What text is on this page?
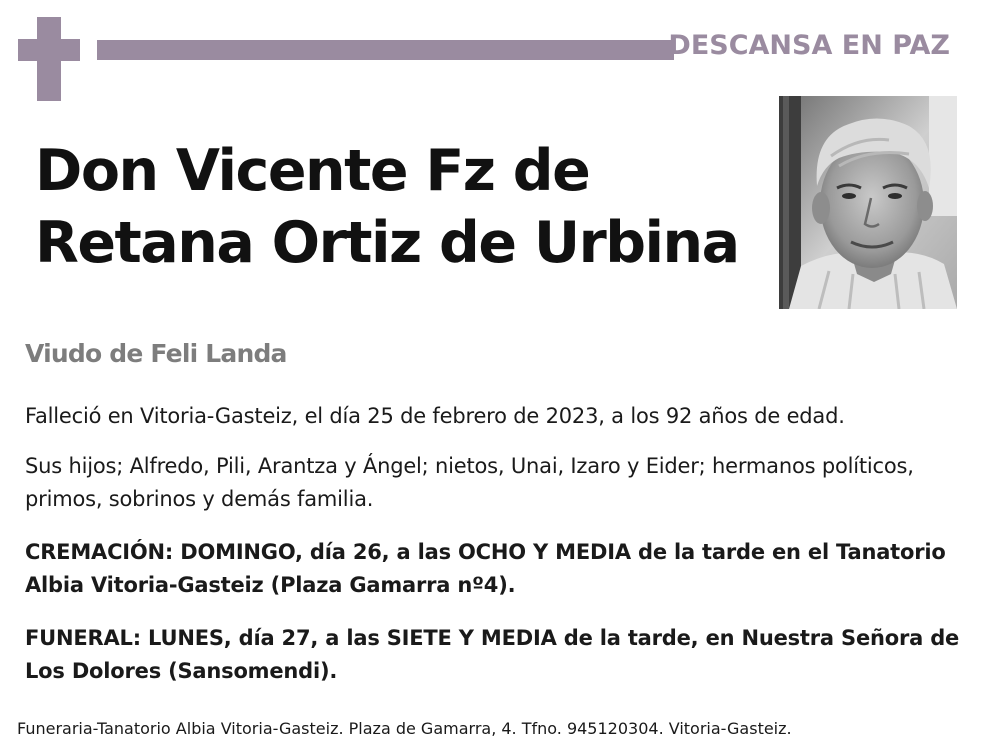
DESCANSA EN PAZ
Don Vicente Fz de
Retana Ortiz de Urbina
Viudo de Feli Landa
Falleció en Vitoria-Gasteiz, el día 25 de febrero de 2023, a los 92 años de edad.
Sus hijos; Alfredo, Pili, Arantza y Ángel; nietos, Unai, Izaro y Eider; hermanos políticos, primos, sobrinos y demás familia.
CREMACIÓN: DOMINGO, día 26, a las OCHO Y MEDIA de la tarde en el Tanatorio Albia Vitoria-Gasteiz (Plaza Gamarra nº4).
FUNERAL: LUNES, día 27, a las SIETE Y MEDIA de la tarde, en Nuestra Señora de Los Dolores (Sansomendi).
Funeraria-Tanatorio Albia Vitoria-Gasteiz. Plaza de Gamarra, 4. Tfno. 945120304. Vitoria-Gasteiz.
